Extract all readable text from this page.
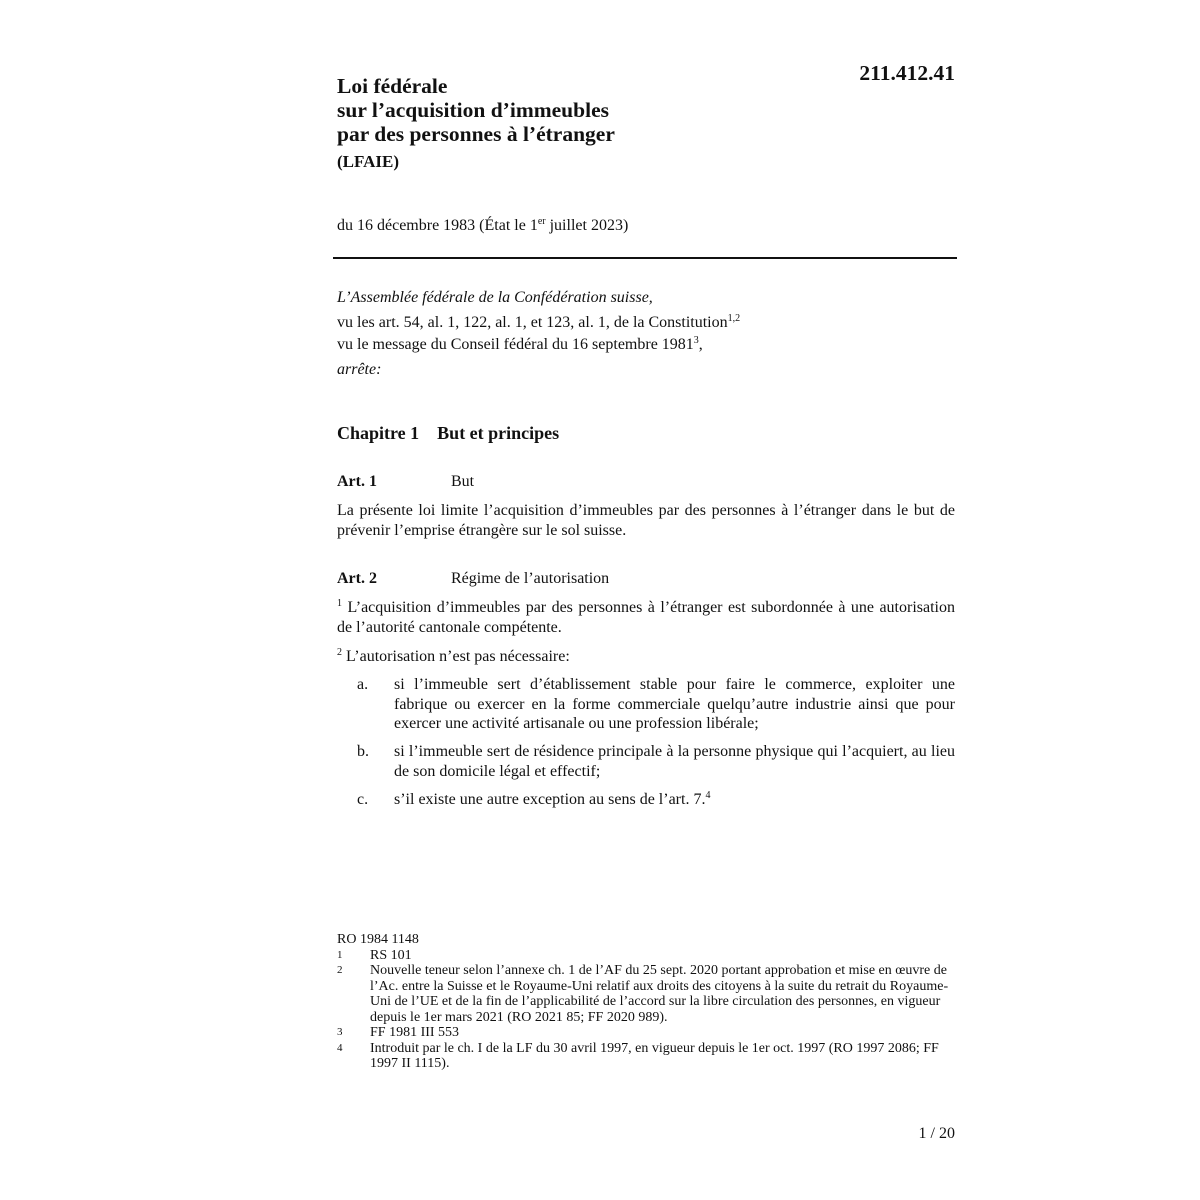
211.412.41
Loi fédérale
sur l’acquisition d’immeubles
par des personnes à l’étranger
(LFAIE)
du 16 décembre 1983 (État le 1er juillet 2023)
L’Assemblée fédérale de la Confédération suisse,
vu les art. 54, al. 1, 122, al. 1, et 123, al. 1, de la Constitution$^{1,2}$
vu le message du Conseil fédéral du 16 septembre 1981$^3$,
arrête:
Chapitre 1 But et principes
Art. 1	But
La présente loi limite l’acquisition d’immeubles par des personnes à l’étranger dans le but de prévenir l’emprise étrangère sur le sol suisse.
Art. 2	Régime de l’autorisation
$^1$ L’acquisition d’immeubles par des personnes à l’étranger est subordonnée à une autorisation de l’autorité cantonale compétente.
$^2$ L’autorisation n’est pas nécessaire:
a.	si l’immeuble sert d’établissement stable pour faire le commerce, exploiter une fabrique ou exercer en la forme commerciale quelqu’autre industrie ainsi que pour exercer une activité artisanale ou une profession libérale;
b.	si l’immeuble sert de résidence principale à la personne physique qui l’acquiert, au lieu de son domicile légal et effectif;
c.	s’il existe une autre exception au sens de l’art. 7.$^4$
RO 1984 1148
1	RS 101
2	Nouvelle teneur selon l’annexe ch. 1 de l’AF du 25 sept. 2020 portant approbation et mise en œuvre de l’Ac. entre la Suisse et le Royaume-Uni relatif aux droits des citoyens à la suite du retrait du Royaume-Uni de l’UE et de la fin de l’applicabilité de l’accord sur la libre circulation des personnes, en vigueur depuis le 1er mars 2021 (RO 2021 85; FF 2020 989).
3	FF 1981 III 553
4	Introduit par le ch. I de la LF du 30 avril 1997, en vigueur depuis le 1er oct. 1997 (RO 1997 2086; FF 1997 II 1115).
1 / 20
